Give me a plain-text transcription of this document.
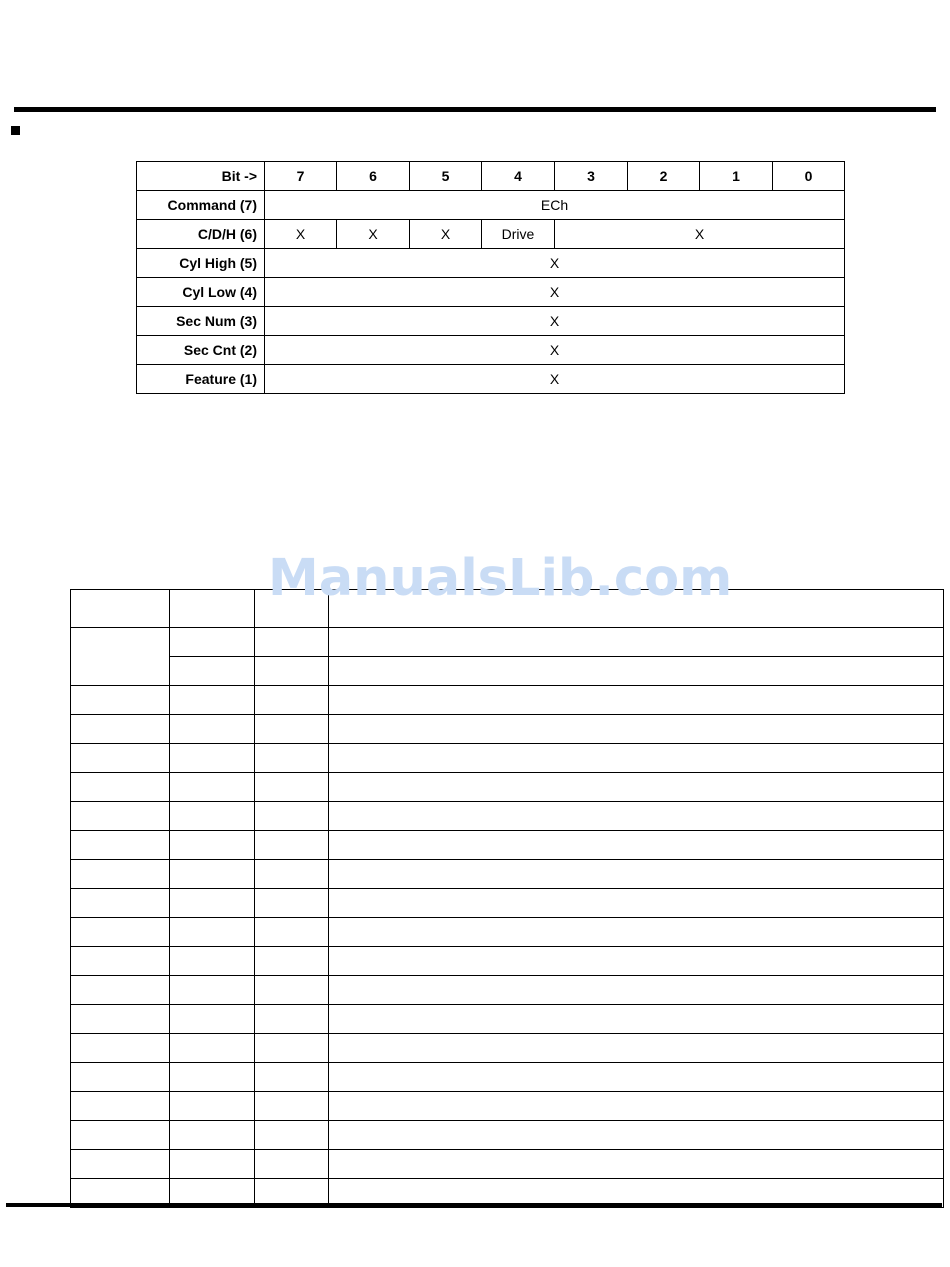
Bit ->	7	6	5	4	3	2	1	0
Command (7)	ECh							
C/D/H (6)	X	X	X	Drive	X			
Cyl High (5)	X							
Cyl Low (4)	X							
Sec Num (3)	X							
Sec Cnt (2)	X							
Feature (1)	X							

ManualsLib.com
